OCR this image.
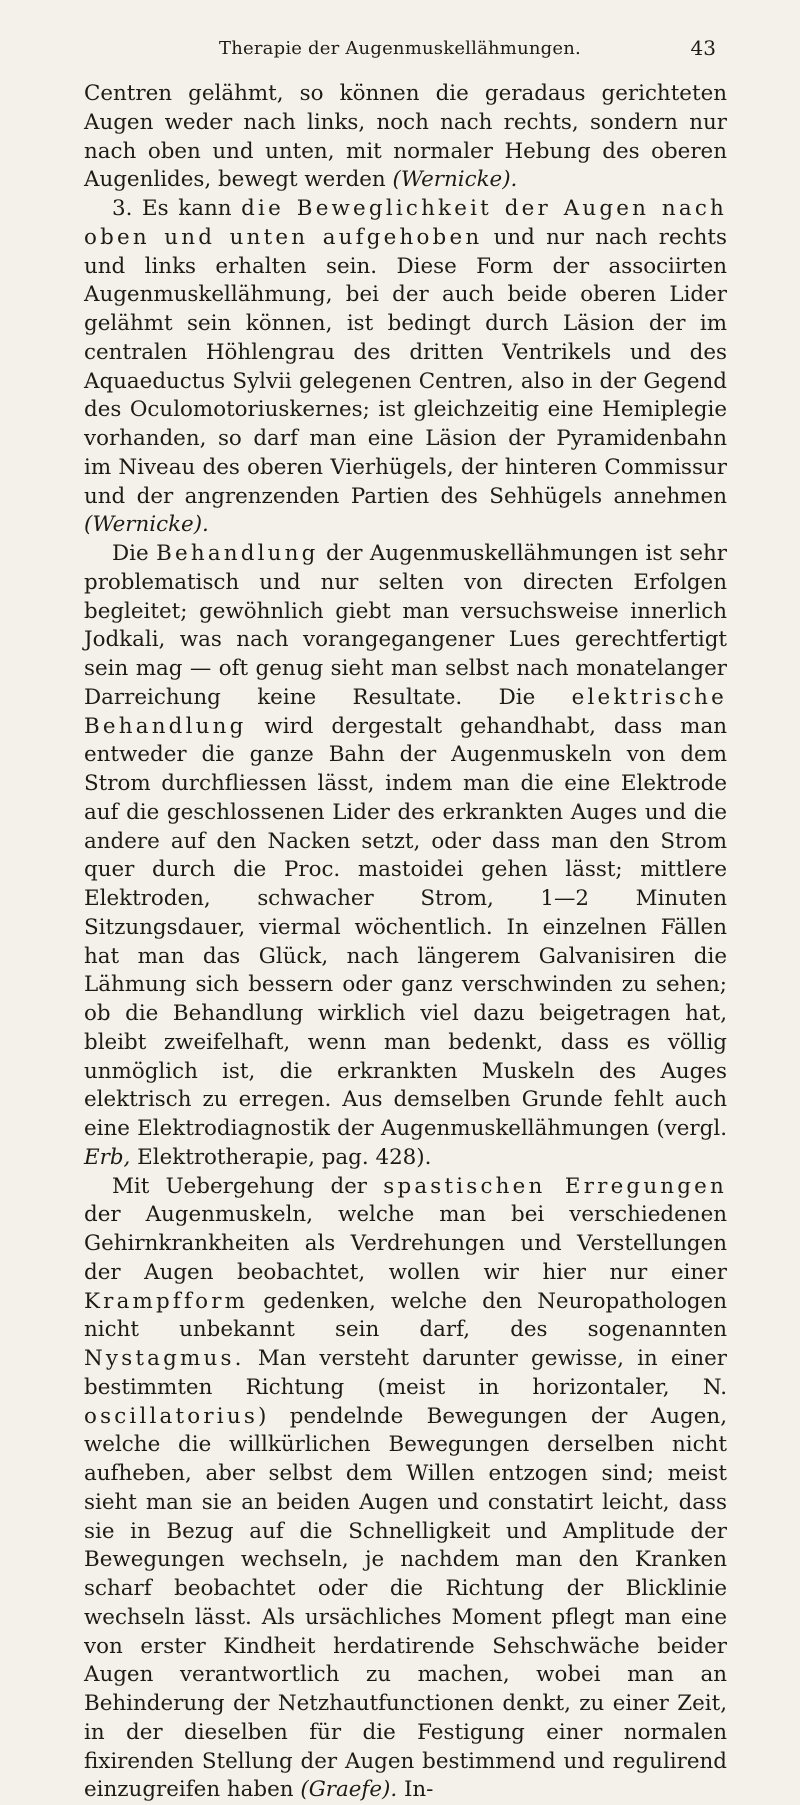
Therapie der Augenmuskellähmungen.	43

Centren gelähmt, so können die geradaus gerichteten Augen weder nach links, noch nach rechts, sondern nur nach oben und unten, mit normaler Hebung des oberen Augenlides, bewegt werden (Wernicke).

3. Es kann die Beweglichkeit der Augen nach oben und unten aufgehoben und nur nach rechts und links erhalten sein. Diese Form der associirten Augenmuskellähmung, bei der auch beide oberen Lider gelähmt sein können, ist bedingt durch Läsion der im centralen Höhlengrau des dritten Ventrikels und des Aquaeductus Sylvii gelegenen Centren, also in der Gegend des Oculomotoriuskernes; ist gleichzeitig eine Hemiplegie vorhanden, so darf man eine Läsion der Pyramidenbahn im Niveau des oberen Vierhügels, der hinteren Commissur und der angrenzenden Partien des Sehhügels annehmen (Wernicke).

Die Behandlung der Augenmuskellähmungen ist sehr problematisch und nur selten von directen Erfolgen begleitet; gewöhnlich giebt man versuchsweise innerlich Jodkali, was nach vorangegangener Lues gerechtfertigt sein mag — oft genug sieht man selbst nach monatelanger Darreichung keine Resultate. Die elektrische Behandlung wird dergestalt gehandhabt, dass man entweder die ganze Bahn der Augenmuskeln von dem Strom durchfliessen lässt, indem man die eine Elektrode auf die geschlossenen Lider des erkrankten Auges und die andere auf den Nacken setzt, oder dass man den Strom quer durch die Proc. mastoidei gehen lässt; mittlere Elektroden, schwacher Strom, 1—2 Minuten Sitzungsdauer, viermal wöchentlich. In einzelnen Fällen hat man das Glück, nach längerem Galvanisiren die Lähmung sich bessern oder ganz verschwinden zu sehen; ob die Behandlung wirklich viel dazu beigetragen hat, bleibt zweifelhaft, wenn man bedenkt, dass es völlig unmöglich ist, die erkrankten Muskeln des Auges elektrisch zu erregen. Aus demselben Grunde fehlt auch eine Elektrodiagnostik der Augenmuskellähmungen (vergl. Erb, Elektrotherapie, pag. 428).

Mit Uebergehung der spastischen Erregungen der Augenmuskeln, welche man bei verschiedenen Gehirnkrankheiten als Verdrehungen und Verstellungen der Augen beobachtet, wollen wir hier nur einer Krampfform gedenken, welche den Neuropathologen nicht unbekannt sein darf, des sogenannten Nystagmus. Man versteht darunter gewisse, in einer bestimmten Richtung (meist in horizontaler, N. oscillatorius) pendelnde Bewegungen der Augen, welche die willkürlichen Bewegungen derselben nicht aufheben, aber selbst dem Willen entzogen sind; meist sieht man sie an beiden Augen und constatirt leicht, dass sie in Bezug auf die Schnelligkeit und Amplitude der Bewegungen wechseln, je nachdem man den Kranken scharf beobachtet oder die Richtung der Blicklinie wechseln lässt. Als ursächliches Moment pflegt man eine von erster Kindheit herdatirende Sehschwäche beider Augen verantwortlich zu machen, wobei man an Behinderung der Netzhautfunctionen denkt, zu einer Zeit, in der dieselben für die Festigung einer normalen fixirenden Stellung der Augen bestimmend und regulirend einzugreifen haben (Graefe). In-
